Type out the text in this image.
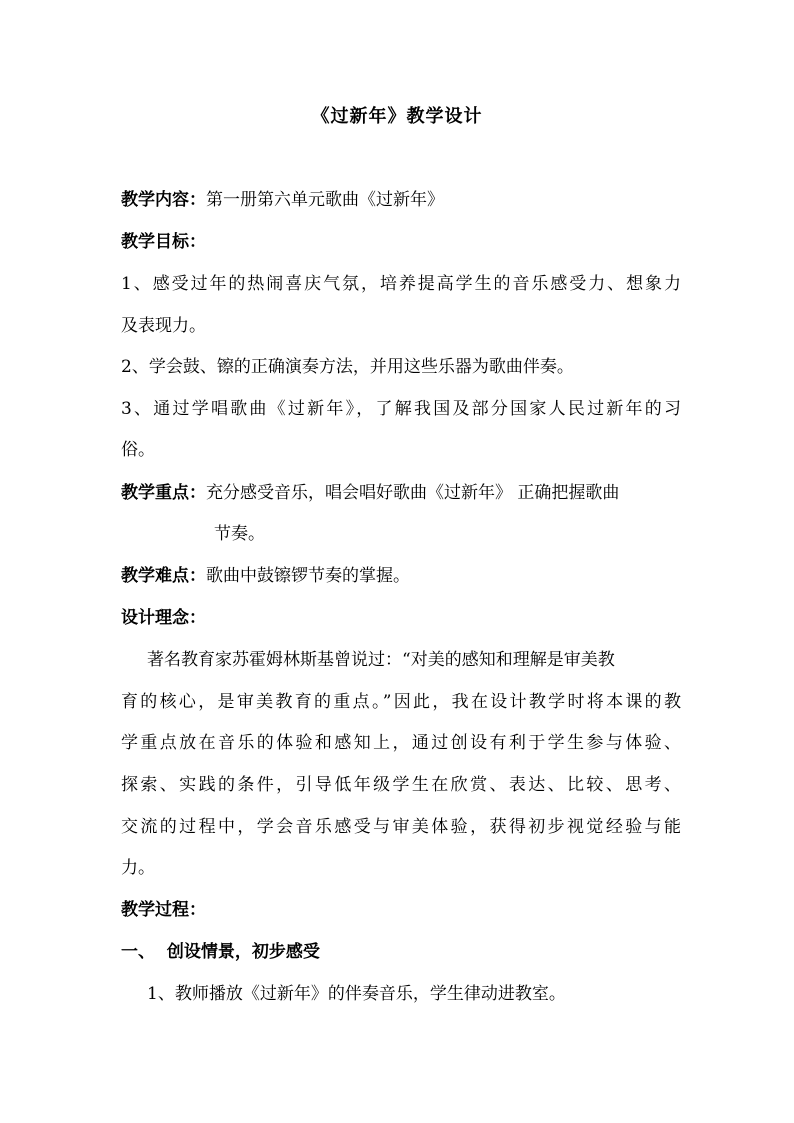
《过新年》教学设计
教学内容：第一册第六单元歌曲《过新年》
教学目标：
1、感受过年的热闹喜庆气氛，培养提高学生的音乐感受力、想象力
及表现力。
2、学会鼓、镲的正确演奏方法，并用这些乐器为歌曲伴奏。
3、通过学唱歌曲《过新年》，了解我国及部分国家人民过新年的习
俗。
教学重点：充分感受音乐，唱会唱好歌曲《过新年》 正确把握歌曲
节奏。
教学难点：歌曲中鼓镲锣节奏的掌握。
设计理念：
著名教育家苏霍姆林斯基曾说过：“对美的感知和理解是审美教
育的核心，是审美教育的重点。”因此，我在设计教学时将本课的教
学重点放在音乐的体验和感知上，通过创设有利于学生参与体验、
探索、实践的条件，引导低年级学生在欣赏、表达、比较、思考、
交流的过程中，学会音乐感受与审美体验，获得初步视觉经验与能
力。
教学过程：
一、  创设情景，初步感受
1、教师播放《过新年》的伴奏音乐，学生律动进教室。
